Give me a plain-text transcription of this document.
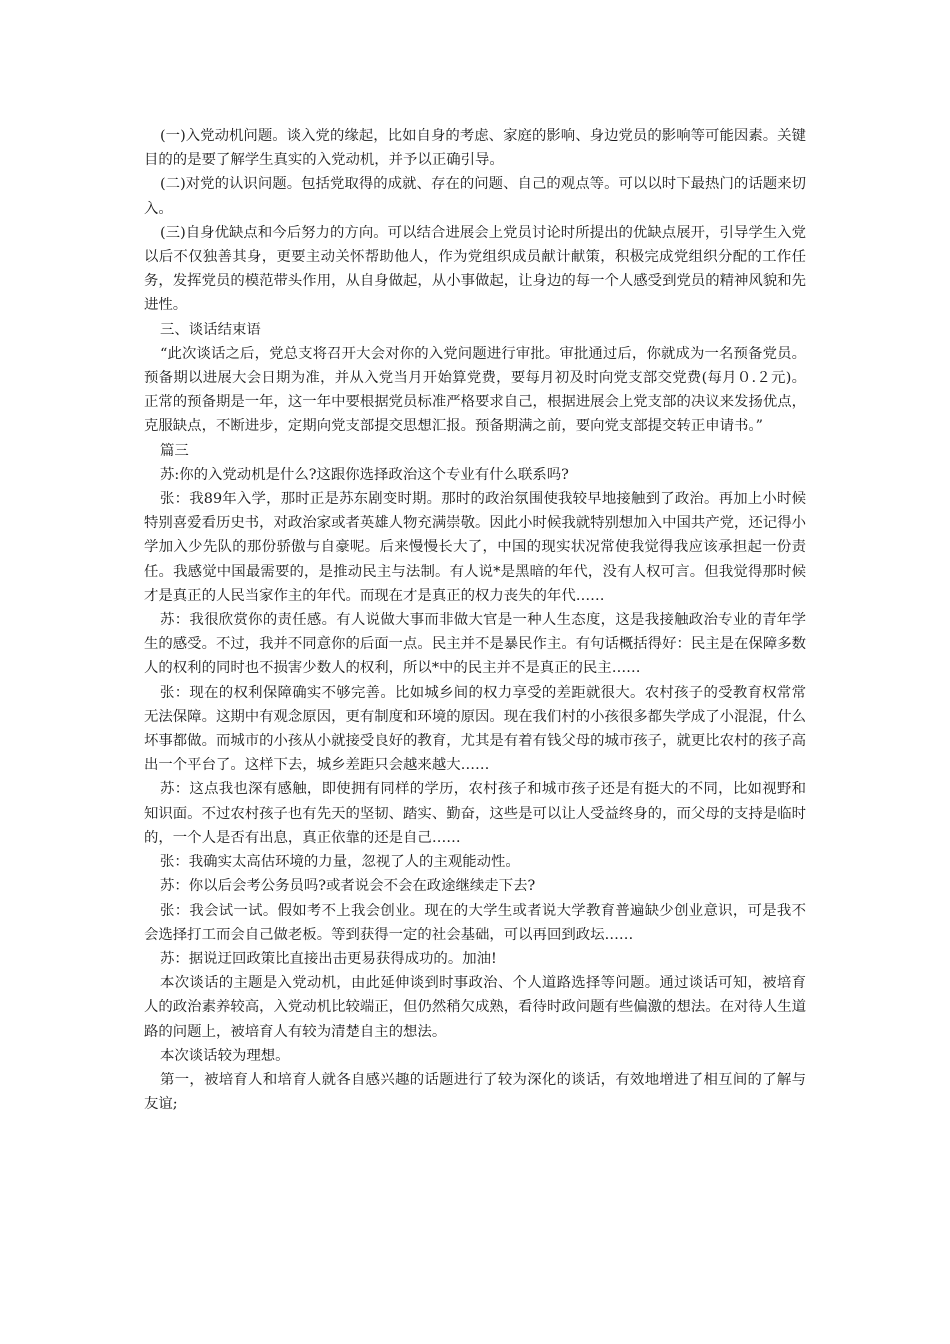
(一)入党动机问题。谈入党的缘起，比如自身的考虑、家庭的影响、身边党员的影响等可能因素。关键目的的是要了解学生真实的入党动机，并予以正确引导。

(二)对党的认识问题。包括党取得的成就、存在的问题、自己的观点等。可以以时下最热门的话题来切入。

(三)自身优缺点和今后努力的方向。可以结合进展会上党员讨论时所提出的优缺点展开，引导学生入党以后不仅独善其身，更要主动关怀帮助他人，作为党组织成员献计献策，积极完成党组织分配的工作任务，发挥党员的模范带头作用，从自身做起，从小事做起，让身边的每一个人感受到党员的精神风貌和先进性。

三、谈话结束语

“此次谈话之后，党总支将召开大会对你的入党问题进行审批。审批通过后，你就成为一名预备党员。预备期以进展大会日期为准，并从入党当月开始算党费，要每月初及时向党支部交党费(每月０.２元)。正常的预备期是一年，这一年中要根据党员标准严格要求自己，根据进展会上党支部的决议来发扬优点，克服缺点，不断进步，定期向党支部提交思想汇报。预备期满之前，要向党支部提交转正申请书。”

篇三

苏:你的入党动机是什么?这跟你选择政治这个专业有什么联系吗?

张：我89年入学，那时正是苏东剧变时期。那时的政治氛围使我较早地接触到了政治。再加上小时候特别喜爱看历史书，对政治家或者英雄人物充满崇敬。因此小时候我就特别想加入中国共产党，还记得小学加入少先队的那份骄傲与自豪呢。后来慢慢长大了，中国的现实状况常使我觉得我应该承担起一份责任。我感觉中国最需要的，是推动民主与法制。有人说*是黑暗的年代，没有人权可言。但我觉得那时候才是真正的人民当家作主的年代。而现在才是真正的权力丧失的年代……

苏：我很欣赏你的责任感。有人说做大事而非做大官是一种人生态度，这是我接触政治专业的青年学生的感受。不过，我并不同意你的后面一点。民主并不是暴民作主。有句话概括得好：民主是在保障多数人的权利的同时也不损害少数人的权利，所以*中的民主并不是真正的民主……

张：现在的权利保障确实不够完善。比如城乡间的权力享受的差距就很大。农村孩子的受教育权常常无法保障。这期中有观念原因，更有制度和环境的原因。现在我们村的小孩很多都失学成了小混混，什么坏事都做。而城市的小孩从小就接受良好的教育，尤其是有着有钱父母的城市孩子，就更比农村的孩子高出一个平台了。这样下去，城乡差距只会越来越大……

苏：这点我也深有感触，即使拥有同样的学历，农村孩子和城市孩子还是有挺大的不同，比如视野和知识面。不过农村孩子也有先天的坚韧、踏实、勤奋，这些是可以让人受益终身的，而父母的支持是临时的，一个人是否有出息，真正依靠的还是自己……

张：我确实太高估环境的力量，忽视了人的主观能动性。

苏：你以后会考公务员吗?或者说会不会在政途继续走下去?

张：我会试一试。假如考不上我会创业。现在的大学生或者说大学教育普遍缺少创业意识，可是我不会选择打工而会自己做老板。等到获得一定的社会基础，可以再回到政坛……

苏：据说迂回政策比直接出击更易获得成功的。加油!

本次谈话的主题是入党动机，由此延伸谈到时事政治、个人道路选择等问题。通过谈话可知，被培育人的政治素养较高，入党动机比较端正，但仍然稍欠成熟，看待时政问题有些偏激的想法。在对待人生道路的问题上，被培育人有较为清楚自主的想法。

本次谈话较为理想。

第一，被培育人和培育人就各自感兴趣的话题进行了较为深化的谈话，有效地增进了相互间的了解与友谊;
